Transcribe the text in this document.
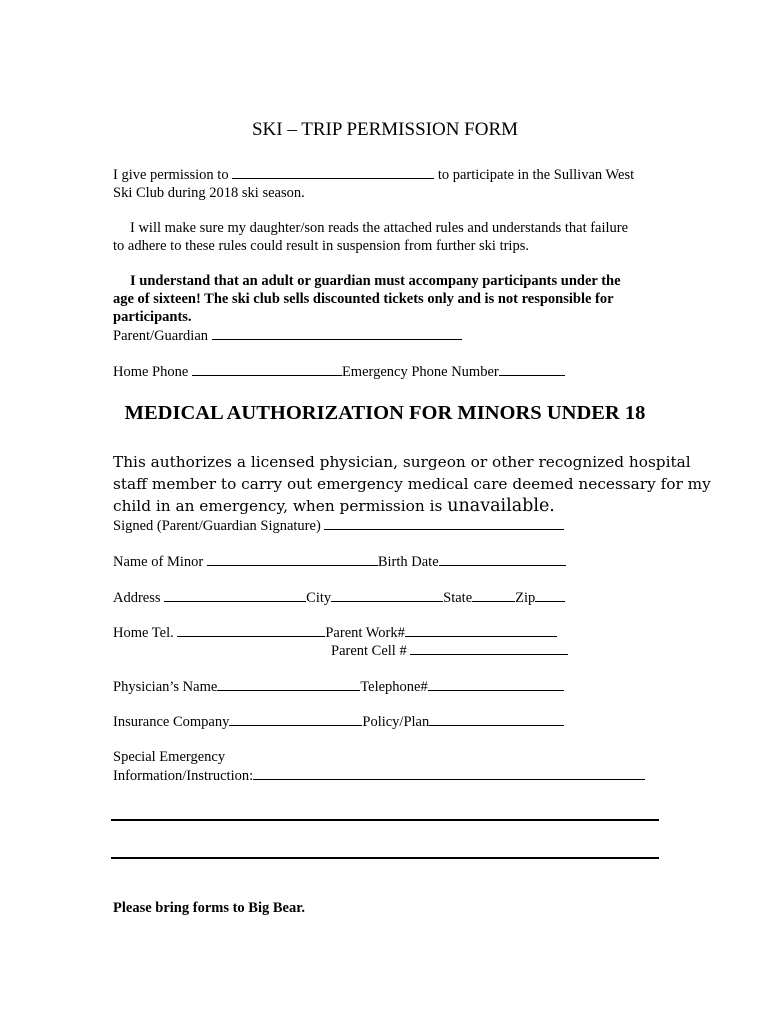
SKI – TRIP PERMISSION FORM
I give permission to	to participate in the Sullivan West
Ski Club during 2018 ski season.
I will make sure my daughter/son reads the attached rules and understands that failure
to adhere to these rules could result in suspension from further ski trips.
I understand that an adult or guardian must accompany participants under the
age of sixteen! The ski club sells discounted tickets only and is not responsible for
participants.
Parent/Guardian
Home Phone	Emergency Phone Number
MEDICAL AUTHORIZATION FOR MINORS UNDER 18
This authorizes a licensed physician, surgeon or other recognized hospital
staff member to carry out emergency medical care deemed necessary for my
child in an emergency, when permission is unavailable.
Signed (Parent/Guardian Signature)
Name of Minor	Birth Date
Address	City	State	Zip
Home Tel.	Parent Work#
Parent Cell #
Physician’s Name	Telephone#
Insurance Company	Policy/Plan
Special Emergency
Information/Instruction:
Please bring forms to Big Bear.
